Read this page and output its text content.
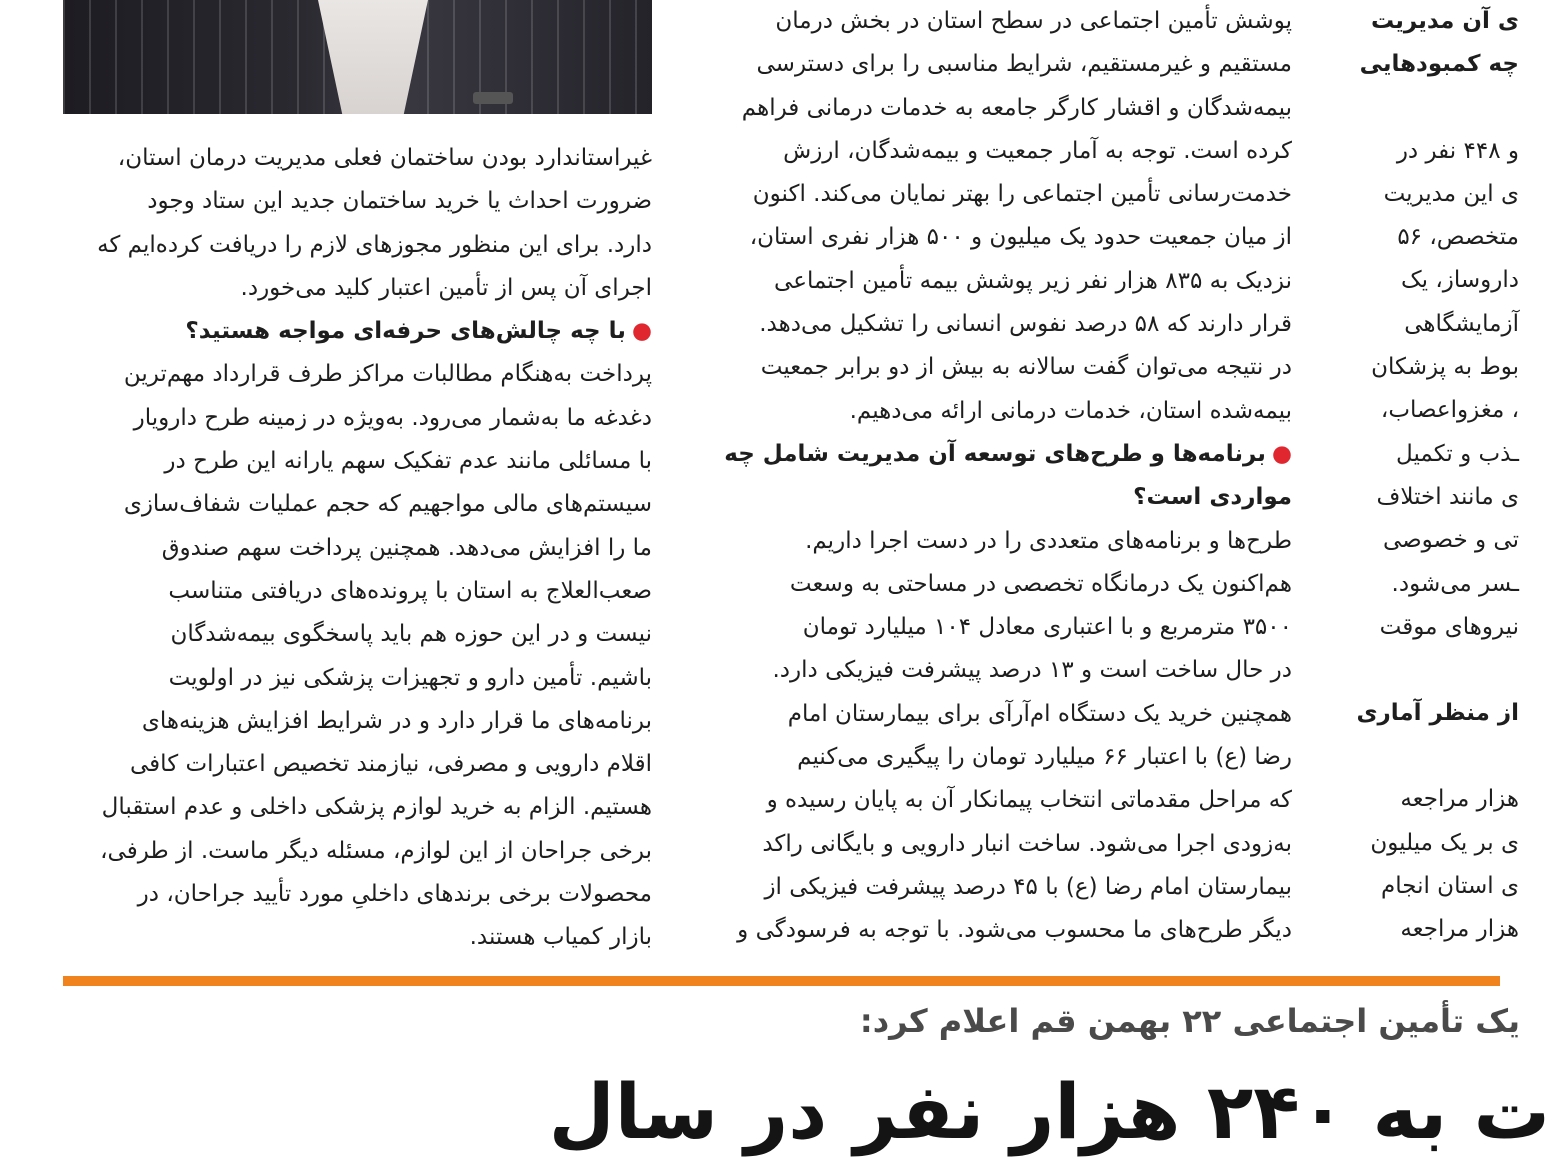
غیراستاندارد بودن ساختمان فعلی مدیریت درمان استان،

ضرورت احداث یا خرید ساختمان جدید این ستاد وجود

دارد. برای این منظور مجوزهای لازم را دریافت کرده‌ایم که

اجرای آن پس از تأمین اعتبار کلید می‌خورد.

●با چه چالش‌های حرفه‌ای مواجه هستید؟

پرداخت به‌هنگام مطالبات مراکز طرف قرارداد مهم‌ترین

دغدغه ما به‌شمار می‌رود. به‌ویژه در زمینه طرح دارویار

با مسائلی مانند عدم تفکیک سهم یارانه این طرح در

سیستم‌های مالی مواجهیم که حجم عملیات شفاف‌سازی

ما را افزایش می‌دهد. همچنین پرداخت سهم صندوق

صعب‌العلاج به استان با پرونده‌های دریافتی متناسب

نیست و در این حوزه هم باید پاسخگوی بیمه‌شدگان

باشیم. تأمین دارو و تجهیزات پزشکی نیز در اولویت

برنامه‌های ما قرار دارد و در شرایط افزایش هزینه‌های

اقلام دارویی و مصرفی، نیازمند تخصیص اعتبارات کافی

هستیم. الزام به خرید لوازم پزشکی داخلی و عدم استقبال

برخی جراحان از این لوازم، مسئله دیگر ماست. از طرفی،

محصولات برخی برندهای داخلیِ مورد تأیید جراحان، در

بازار کمیاب هستند.

پوشش تأمین اجتماعی در سطح استان در بخش درمان

مستقیم و غیرمستقیم، شرایط مناسبی را برای دسترسی

بیمه‌شدگان و اقشار کارگر جامعه به خدمات درمانی فراهم

کرده است. توجه به آمار جمعیت و بیمه‌شدگان، ارزش

خدمت‌رسانی تأمین اجتماعی را بهتر نمایان می‌کند. اکنون

از میان جمعیت حدود یک میلیون و ۵۰۰ هزار نفری استان،

نزدیک به ۸۳۵ هزار نفر زیر پوشش بیمه تأمین اجتماعی

قرار دارند که ۵۸ درصد نفوس انسانی را تشکیل می‌دهد.

در نتیجه می‌توان گفت سالانه به بیش از دو برابر جمعیت

بیمه‌شده استان، خدمات درمانی ارائه می‌دهیم.

●برنامه‌ها و طرح‌های توسعه آن مدیریت شامل چه

مواردی است؟

طرح‌ها و برنامه‌های متعددی را در دست اجرا داریم.

هم‌اکنون یک درمانگاه تخصصی در مساحتی به وسعت

۳۵۰۰ مترمربع و با اعتباری معادل ۱۰۴ میلیارد تومان

در حال ساخت است و ۱۳ درصد پیشرفت فیزیکی دارد.

همچنین خرید یک دستگاه ام‌آرآی برای بیمارستان امام

رضا (ع) با اعتبار ۶۶ میلیارد تومان را پیگیری می‌کنیم

که مراحل مقدماتی انتخاب پیمانکار آن به پایان رسیده و

به‌زودی اجرا می‌شود. ساخت انبار دارویی و بایگانی راکد

بیمارستان امام رضا (ع) با ۴۵ درصد پیشرفت فیزیکی از

دیگر طرح‌های ما محسوب می‌شود. با توجه به فرسودگی و

ی آن مدیریت

چه کمبودهایی

و ۴۴۸ نفر در

ی این مدیریت

متخصص، ۵۶

داروساز، یک

آزمایشگاهی

بوط به پزشکان

، مغزواعصاب،

ـذب و تکمیل

ی مانند اختلاف

تی و خصوصی

ـسر می‌شود.

نیروهای موقت

از منظر آماری

هزار مراجعه

ی بر یک میلیون

ی استان انجام

هزار مراجعه

یک تأمین اجتماعی ۲۲ بهمن قم اعلام کرد:
ت به ۲۴۰ هزار نفر در سال
